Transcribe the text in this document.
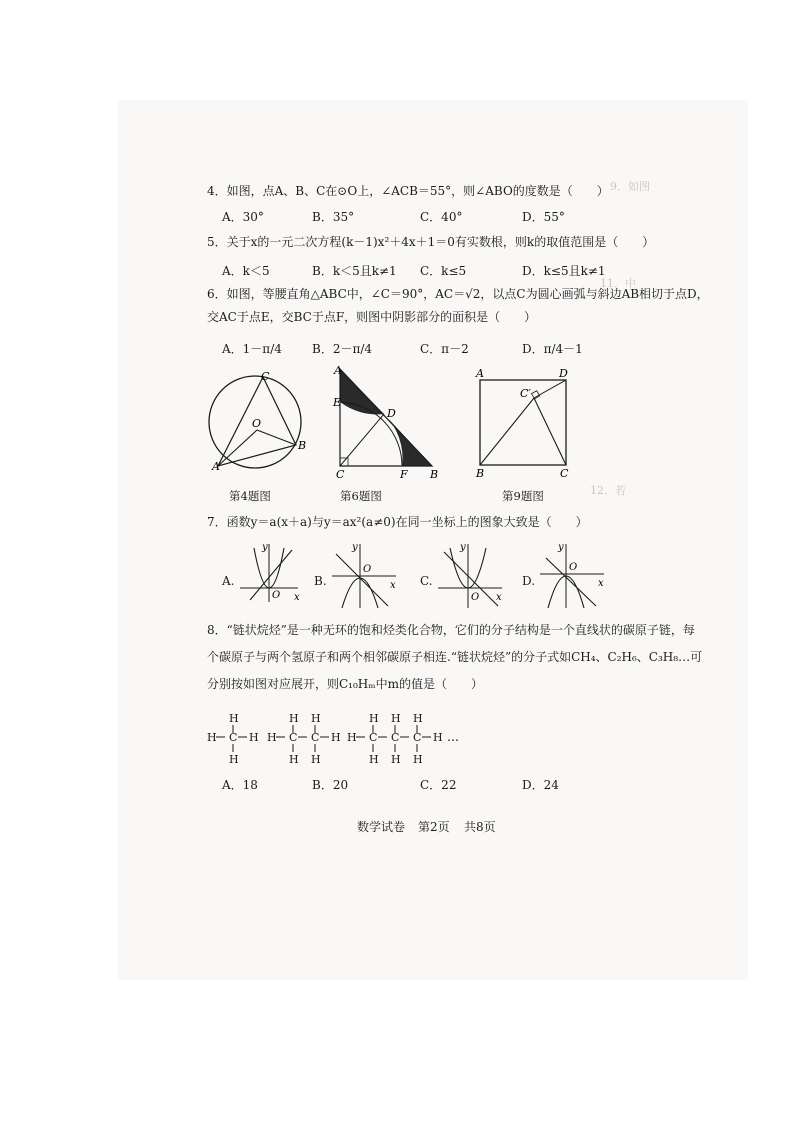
9．如图
11．中
12．若
4．如图，点A、B、C在⊙O上，∠ACB＝55°，则∠ABO的度数是（　　）
A．30°	B．35°	C．40°	D．55°
5．关于x的一元二次方程(k－1)x²＋4x＋1＝0有实数根，则k的取值范围是（　　）
A．k＜5	B．k＜5且k≠1 C．k≤5	D．k≤5且k≠1
6．如图，等腰直角△ABC中，∠C＝90°，AC＝√2，以点C为圆心画弧与斜边AB相切于点D，
交AC于点E，交BC于点F，则图中阴影部分的面积是（　　）
A．1－π/4	B．2－π/4	C．π－2	D．π/4－1
C
O
B
A
A
E
D
C	F B
A	D
C′
B	C
第4题图	第6题图	第9题图
7．函数y＝a(x＋a)与y＝ax²(a≠0)在同一坐标上的图象大致是（　　）
A.
y
x
O
B.
y
x
O
C.
y
x
O
D.
y
x
O
8．“链状烷烃”是一种无环的饱和烃类化合物，它们的分子结构是一个直线状的碳原子链，每
个碳原子与两个氢原子和两个相邻碳原子相连.“链状烷烃”的分子式如CH₄、C₂H₆、C₃H₈…可
分别按如图对应展开，则C₁₀Hₘ中m的值是（　　）
H
H C H
H
H H
H C C H
H H
H H H
H C C C H
H H H
…
A．18	B．20	C．22	D．24
数学试卷 第2页 共8页
